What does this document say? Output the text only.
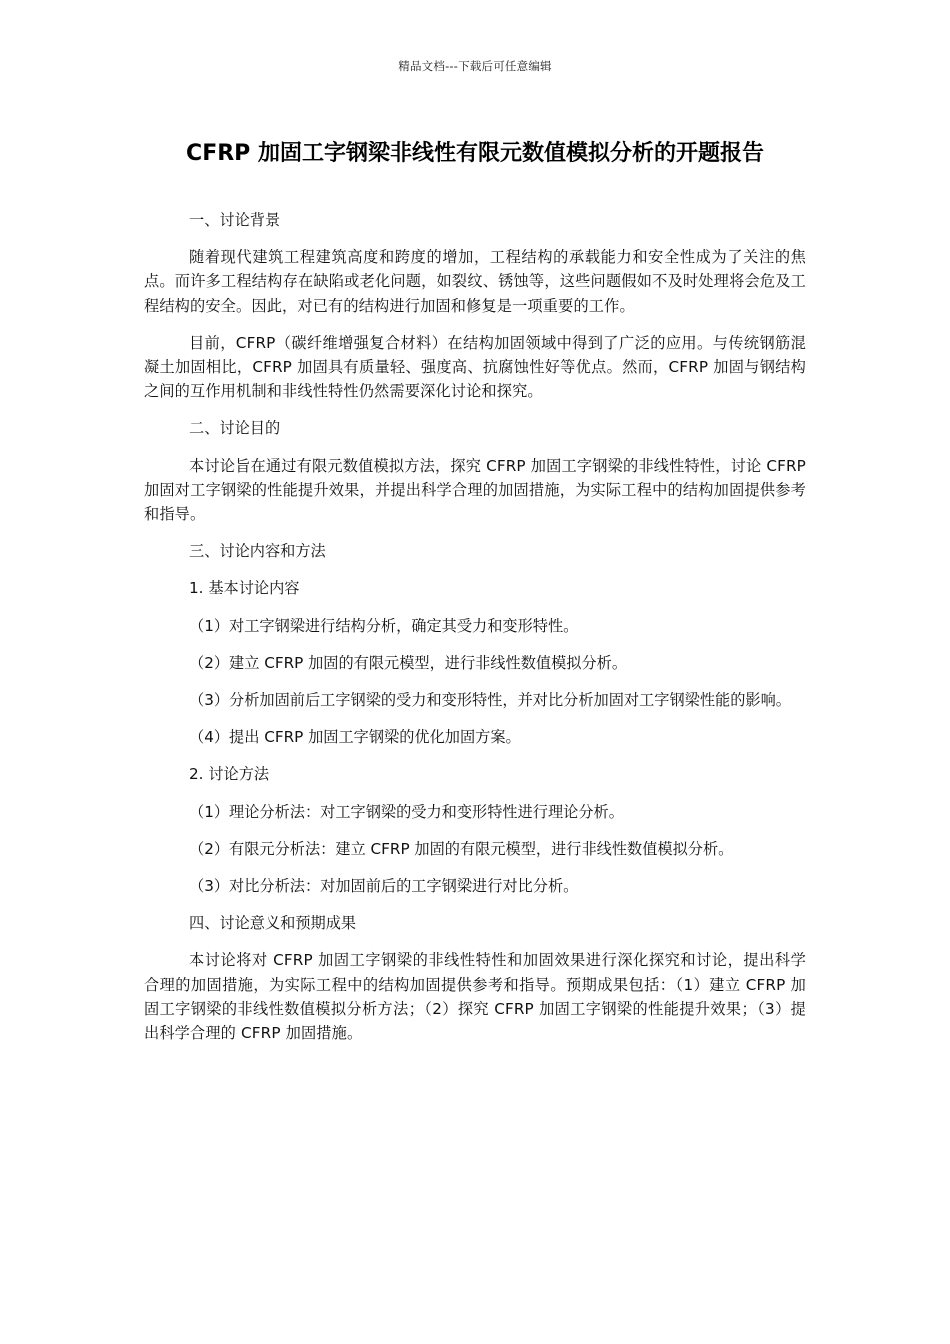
精品文档---下载后可任意编辑
CFRP 加固工字钢梁非线性有限元数值模拟分析的开题报告
一、讨论背景
随着现代建筑工程建筑高度和跨度的增加，工程结构的承载能力和安全性成为了关注的焦点。而许多工程结构存在缺陷或老化问题，如裂纹、锈蚀等，这些问题假如不及时处理将会危及工程结构的安全。因此，对已有的结构进行加固和修复是一项重要的工作。
目前，CFRP（碳纤维增强复合材料）在结构加固领域中得到了广泛的应用。与传统钢筋混凝土加固相比，CFRP 加固具有质量轻、强度高、抗腐蚀性好等优点。然而，CFRP 加固与钢结构之间的互作用机制和非线性特性仍然需要深化讨论和探究。
二、讨论目的
本讨论旨在通过有限元数值模拟方法，探究 CFRP 加固工字钢梁的非线性特性，讨论 CFRP 加固对工字钢梁的性能提升效果，并提出科学合理的加固措施，为实际工程中的结构加固提供参考和指导。
三、讨论内容和方法
1. 基本讨论内容
（1）对工字钢梁进行结构分析，确定其受力和变形特性。
（2）建立 CFRP 加固的有限元模型，进行非线性数值模拟分析。
（3）分析加固前后工字钢梁的受力和变形特性，并对比分析加固对工字钢梁性能的影响。
（4）提出 CFRP 加固工字钢梁的优化加固方案。
2. 讨论方法
（1）理论分析法：对工字钢梁的受力和变形特性进行理论分析。
（2）有限元分析法：建立 CFRP 加固的有限元模型，进行非线性数值模拟分析。
（3）对比分析法：对加固前后的工字钢梁进行对比分析。
四、讨论意义和预期成果
本讨论将对 CFRP 加固工字钢梁的非线性特性和加固效果进行深化探究和讨论，提出科学合理的加固措施，为实际工程中的结构加固提供参考和指导。预期成果包括：（1）建立 CFRP 加固工字钢梁的非线性数值模拟分析方法；（2）探究 CFRP 加固工字钢梁的性能提升效果；（3）提出科学合理的 CFRP 加固措施。
